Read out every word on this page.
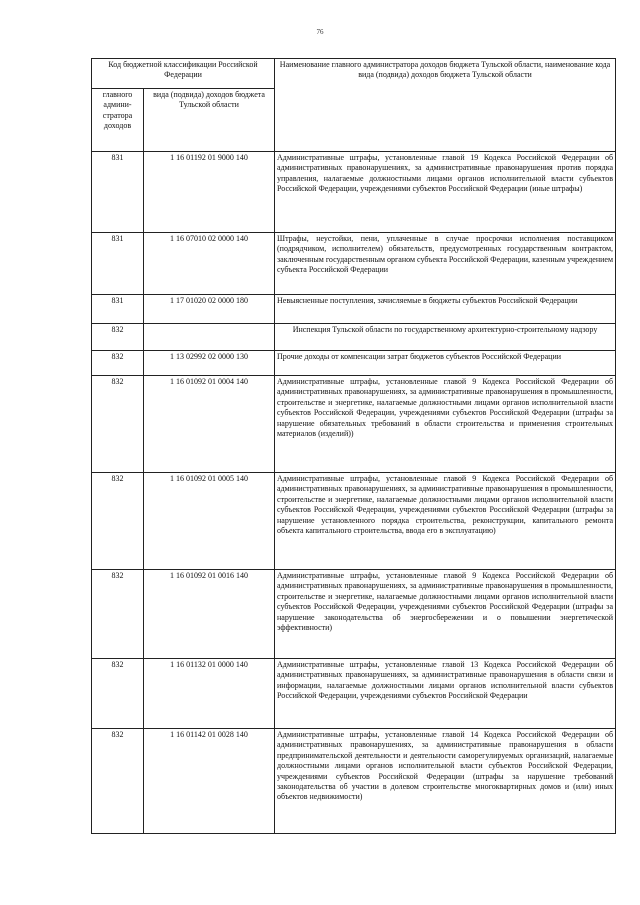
76
Код бюджетной классификации Российской Федерации		Наименование главного администратора доходов бюджета Тульской области, наименование кода вида (подвида) доходов бюджета Тульской области
главного админи-стратора доходов	вида (подвида) доходов бюджета Тульской области	
831	1 16 01192 01 9000 140	Административные штрафы, установленные главой 19 Кодекса Российской Федерации об административных правонарушениях, за административные правонарушения против порядка управления, налагаемые должностными лицами органов исполнительной власти субъектов Российской Федерации, учреждениями субъектов Российской Федерации (иные штрафы)
831	1 16 07010 02 0000 140	Штрафы, неустойки, пени, уплаченные в случае просрочки исполнения поставщиком (подрядчиком, исполнителем) обязательств, предусмотренных государственным контрактом, заключенным государственным органом субъекта Российской Федерации, казенным учреждением субъекта Российской Федерации
831	1 17 01020 02 0000 180	Невыясненные поступления, зачисляемые в бюджеты субъектов Российской Федерации
832		Инспекция Тульской области по государственному архитектурно-строительному надзору
832	1 13 02992 02 0000 130	Прочие доходы от компенсации затрат бюджетов субъектов Российской Федерации
832	1 16 01092 01 0004 140	Административные штрафы, установленные главой 9 Кодекса Российской Федерации об административных правонарушениях, за административные правонарушения в промышленности, строительстве и энергетике, налагаемые должностными лицами органов исполнительной власти субъектов Российской Федерации, учреждениями субъектов Российской Федерации (штрафы за нарушение обязательных требований в области строительства и применения строительных материалов (изделий))
832	1 16 01092 01 0005 140	Административные штрафы, установленные главой 9 Кодекса Российской Федерации об административных правонарушениях, за административные правонарушения в промышленности, строительстве и энергетике, налагаемые должностными лицами органов исполнительной власти субъектов Российской Федерации, учреждениями субъектов Российской Федерации (штрафы за нарушение установленного порядка строительства, реконструкции, капитального ремонта объекта капитального строительства, ввода его в эксплуатацию)
832	1 16 01092 01 0016 140	Административные штрафы, установленные главой 9 Кодекса Российской Федерации об административных правонарушениях, за административные правонарушения в промышленности, строительстве и энергетике, налагаемые должностными лицами органов исполнительной власти субъектов Российской Федерации, учреждениями субъектов Российской Федерации (штрафы за нарушение законодательства об энергосбережении и о повышении энергетической эффективности)
832	1 16 01132 01 0000 140	Административные штрафы, установленные главой 13 Кодекса Российской Федерации об административных правонарушениях, за административные правонарушения в области связи и информации, налагаемые должностными лицами органов исполнительной власти субъектов Российской Федерации, учреждениями субъектов Российской Федерации
832	1 16 01142 01 0028 140	Административные штрафы, установленные главой 14 Кодекса Российской Федерации об административных правонарушениях, за административные правонарушения в области предпринимательской деятельности и деятельности саморегулируемых организаций, налагаемые должностными лицами органов исполнительной власти субъектов Российской Федерации, учреждениями субъектов Российской Федерации (штрафы за нарушение требований законодательства об участии в долевом строительстве многоквартирных домов и (или) иных объектов недвижимости)
